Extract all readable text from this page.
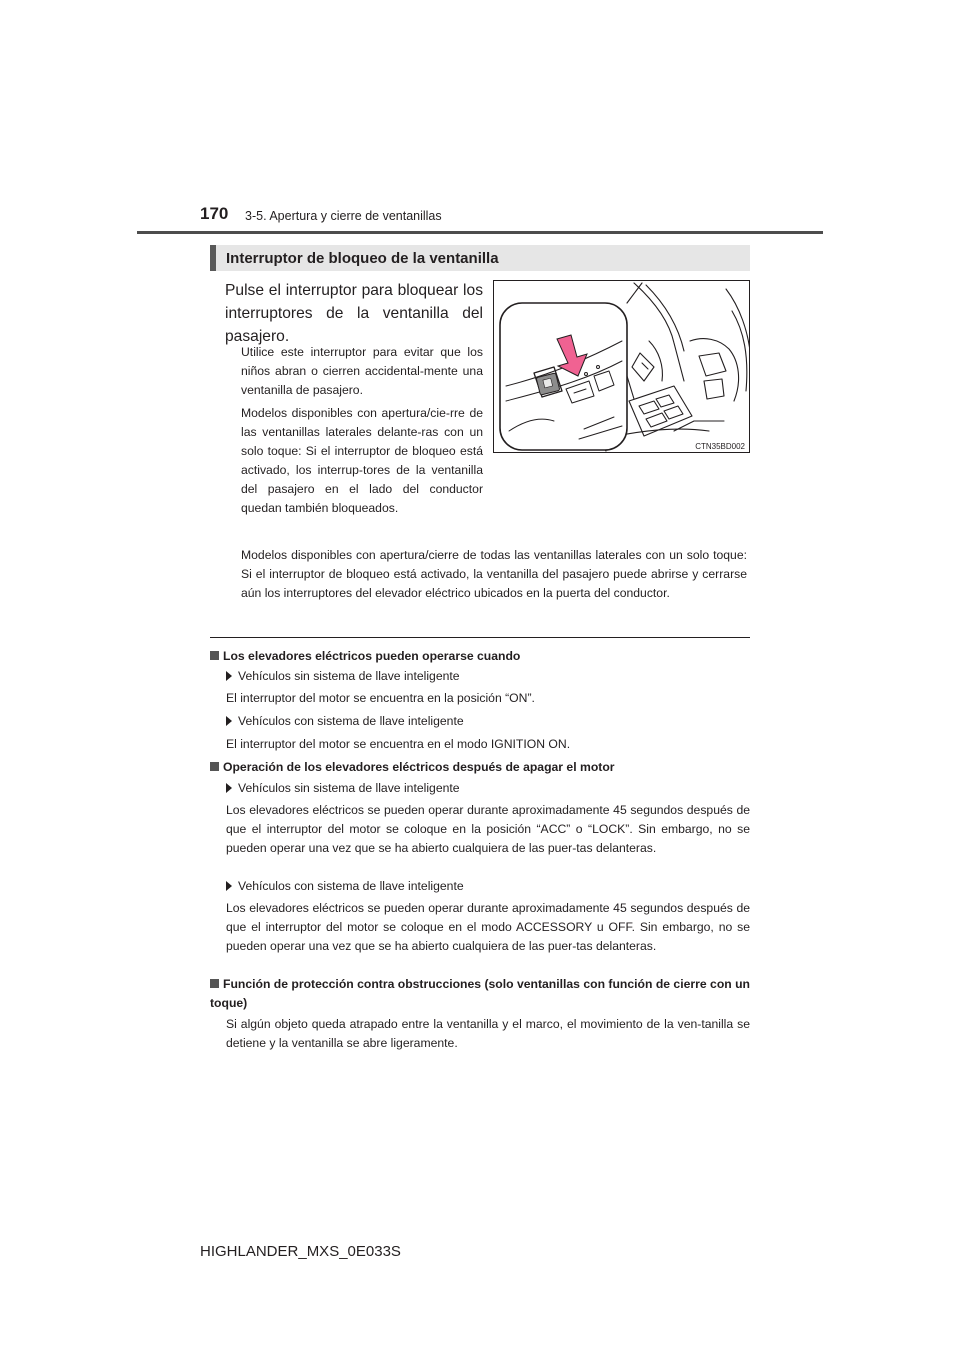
170 3-5. Apertura y cierre de ventanillas
Interruptor de bloqueo de la ventanilla
Pulse el interruptor para bloquear los interruptores de la ventanilla del pasajero.
Utilice este interruptor para evitar que los niños abran o cierren accidental-mente una ventanilla de pasajero.
Modelos disponibles con apertura/cie-rre de las ventanillas laterales delante-ras con un solo toque: Si el interruptor de bloqueo está activado, los interrup-tores de la ventanilla del pasajero en el lado del conductor quedan también bloqueados.
Modelos disponibles con apertura/cierre de todas las ventanillas laterales con un solo toque: Si el interruptor de bloqueo está activado, la ventanilla del pasajero puede abrirse y cerrarse aún los interruptores del elevador eléctrico ubicados en la puerta del conductor.
CTN35BD002
Los elevadores eléctricos pueden operarse cuando
Vehículos sin sistema de llave inteligente
El interruptor del motor se encuentra en la posición “ON”.
Vehículos con sistema de llave inteligente
El interruptor del motor se encuentra en el modo IGNITION ON.
Operación de los elevadores eléctricos después de apagar el motor
Vehículos sin sistema de llave inteligente
Los elevadores eléctricos se pueden operar durante aproximadamente 45 segundos después de que el interruptor del motor se coloque en la posición “ACC” o “LOCK”. Sin embargo, no se pueden operar una vez que se ha abierto cualquiera de las puer-tas delanteras.
Vehículos con sistema de llave inteligente
Los elevadores eléctricos se pueden operar durante aproximadamente 45 segundos después de que el interruptor del motor se coloque en el modo ACCESSORY u OFF. Sin embargo, no se pueden operar una vez que se ha abierto cualquiera de las puer-tas delanteras.
Función de protección contra obstrucciones (solo ventanillas con función de cierre con un toque)
Si algún objeto queda atrapado entre la ventanilla y el marco, el movimiento de la ven-tanilla se detiene y la ventanilla se abre ligeramente.
HIGHLANDER_MXS_0E033S
